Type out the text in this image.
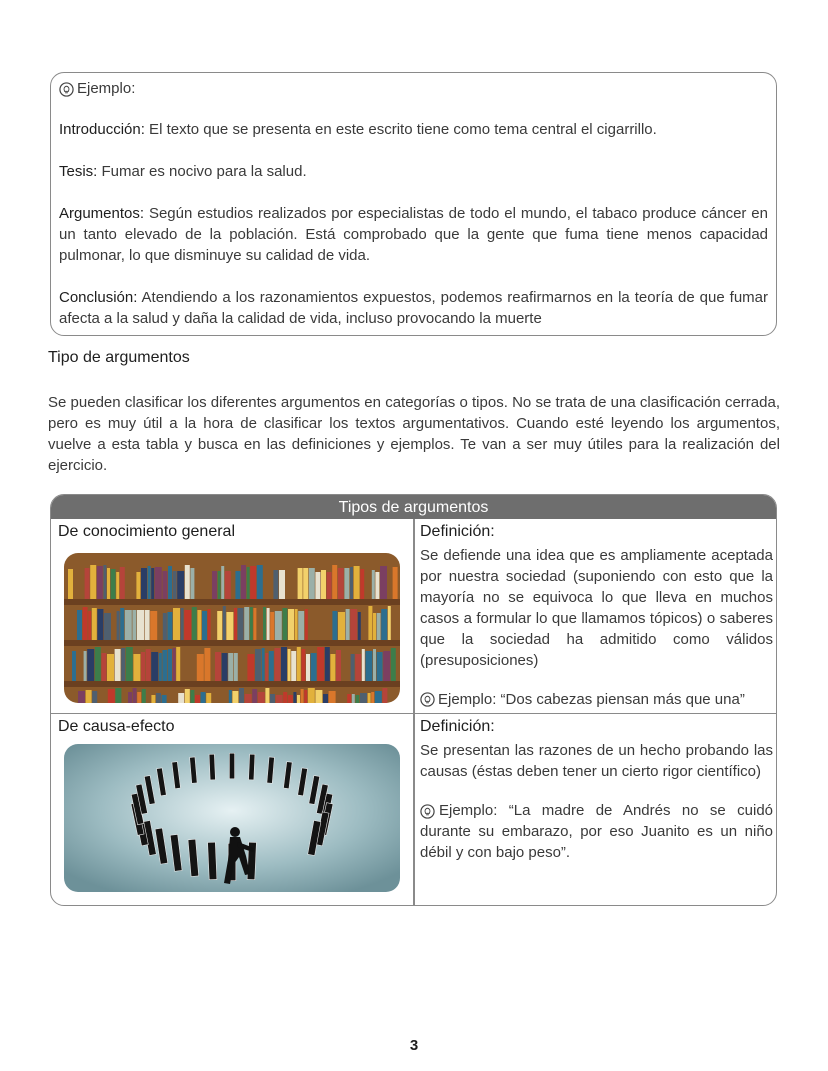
Ejemplo:

Introducción: El texto que se presenta en este escrito tiene como tema central el cigarrillo.

Tesis: Fumar es nocivo para la salud.

Argumentos: Según estudios realizados por especialistas de todo el mundo, el tabaco produce cáncer en un tanto elevado de la población. Está comprobado que la gente que fuma tiene menos capacidad pulmonar, lo que disminuye su calidad de vida.

Conclusión: Atendiendo a los razonamientos expuestos, podemos reafirmarnos en la teoría de que fumar afecta a la salud y daña la calidad de vida, incluso provocando la muerte

Tipo de argumentos

Se pueden clasificar los diferentes argumentos en categorías o tipos. No se trata de una clasificación cerrada, pero es muy útil a la hora de clasificar los textos argumentativos. Cuando esté leyendo los argumentos, vuelve a esta tabla y busca en las definiciones y ejemplos. Te van a ser muy útiles para la realización del ejercicio.

Tipos de argumentos
De conocimiento general	Definición:

Se defiende una idea que es ampliamente aceptada por nuestra sociedad (suponiendo con esto que la mayoría no se equivoca lo que lleva en muchos casos a formular lo que llamamos tópicos) o saberes que la sociedad ha admitido como válidos (presuposiciones)

Ejemplo: “Dos cabezas piensan más que una”
De causa-efecto	Definición:

Se presentan las razones de un hecho probando las causas (éstas deben tener un cierto rigor científico)

Ejemplo: “La madre de Andrés no se cuidó durante su embarazo, por eso Juanito es un niño débil y con bajo peso”.
3
